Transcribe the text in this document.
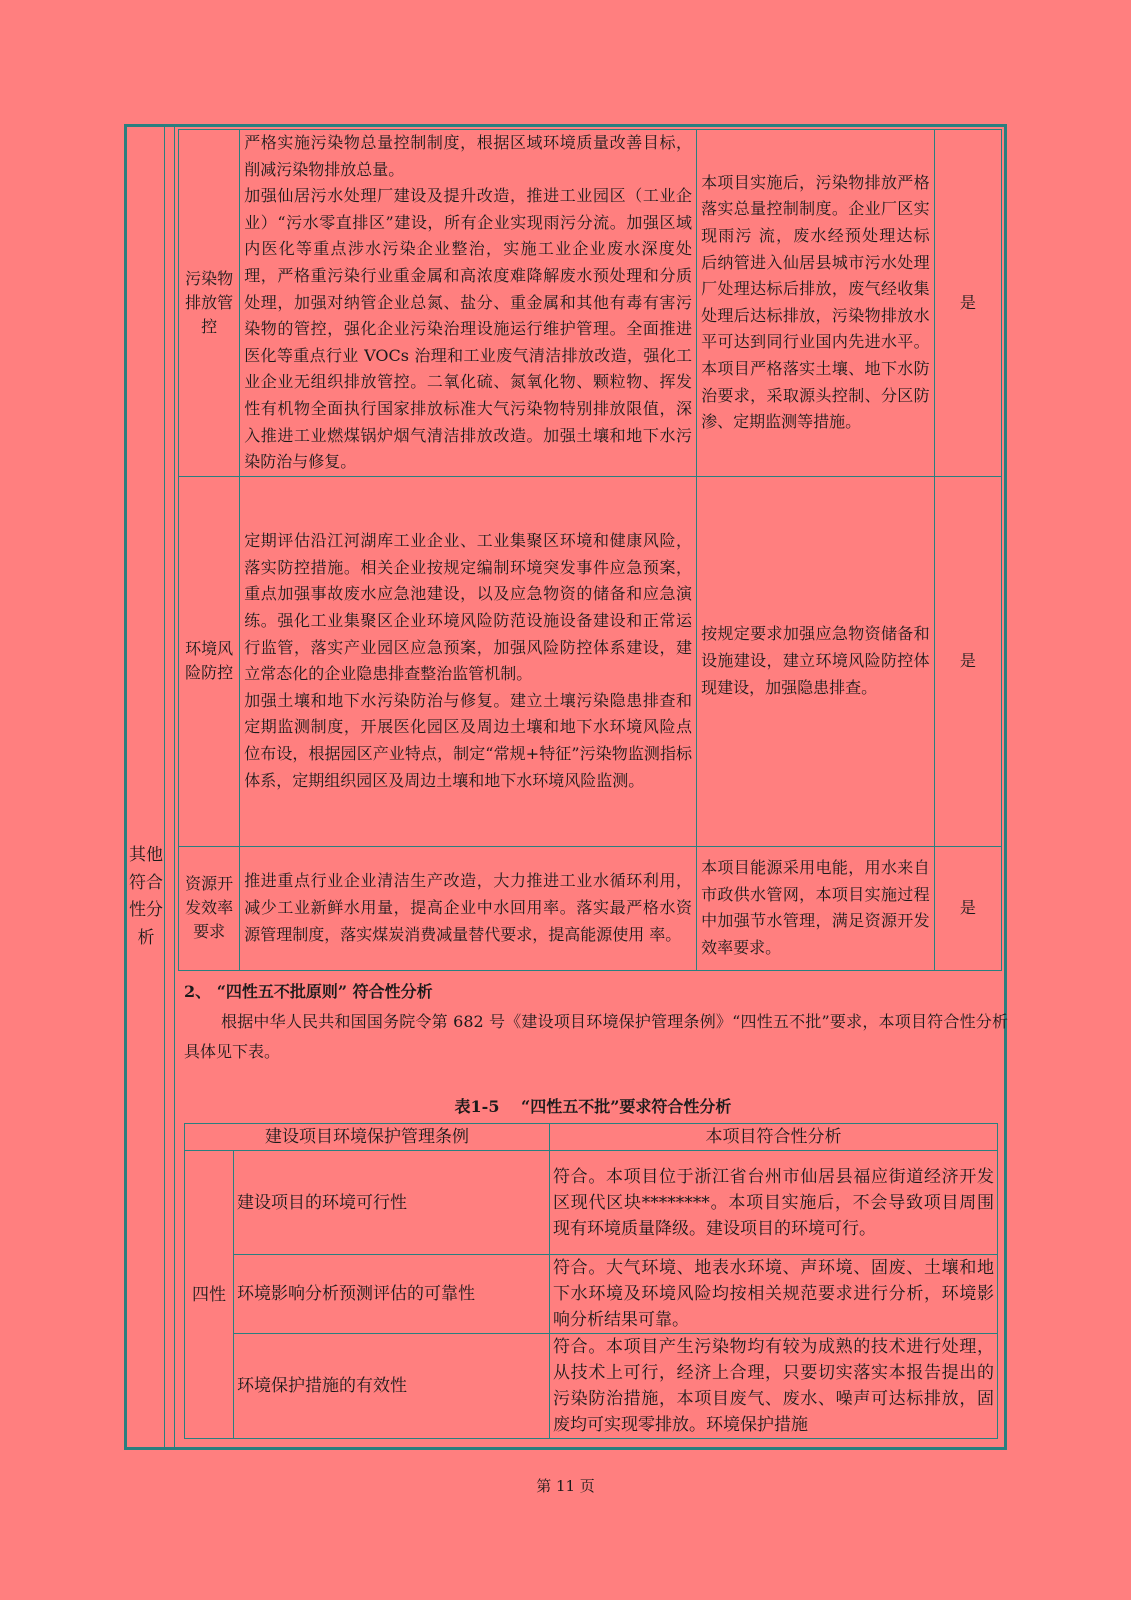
其他符合性分析
污染物排放管控	严格实施污染物总量控制制度，根据区域环境质量改善目标，削减污染物排放总量。

加强仙居污水处理厂建设及提升改造，推进工业园区（工业企业）“污水零直排区”建设，所有企业实现雨污分流。加强区域内医化等重点涉水污染企业整治，实施工业企业废水深度处理，严格重污染行业重金属和高浓度难降解废水预处理和分质处理，加强对纳管企业总氮、盐分、重金属和其他有毒有害污染物的管控，强化企业污染治理设施运行维护管理。全面推进医化等重点行业 VOCs 治理和工业废气清洁排放改造，强化工业企业无组织排放管控。二氧化硫、氮氧化物、颗粒物、挥发性有机物全面执行国家排放标准大气污染物特别排放限值，深入推进工业燃煤锅炉烟气清洁排放改造。加强土壤和地下水污染防治与修复。	本项目实施后，污染物排放严格落实总量控制制度。企业厂区实现雨污 流，废水经预处理达标后纳管进入仙居县城市污水处理厂处理达标后排放，废气经收集处理后达标排放，污染物排放水平可达到同行业国内先进水平。本项目严格落实土壤、地下水防治要求，采取源头控制、分区防渗、定期监测等措施。	是
环境风险防控	定期评估沿江河湖库工业企业、工业集聚区环境和健康风险，落实防控措施。相关企业按规定编制环境突发事件应急预案，重点加强事故废水应急池建设，以及应急物资的储备和应急演练。强化工业集聚区企业环境风险防范设施设备建设和正常运行监管，落实产业园区应急预案，加强风险防控体系建设，建立常态化的企业隐患排查整治监管机制。

加强土壤和地下水污染防治与修复。建立土壤污染隐患排查和定期监测制度，开展医化园区及周边土壤和地下水环境风险点位布设，根据园区产业特点，制定“常规+特征”污染物监测指标体系，定期组织园区及周边土壤和地下水环境风险监测。	按规定要求加强应急物资储备和设施建设，建立环境风险防控体现建设，加强隐患排查。	是
资源开发效率要求	推进重点行业企业清洁生产改造，大力推进工业水循环利用，减少工业新鲜水用量，提高企业中水回用率。落实最严格水资源管理制度，落实煤炭消费减量替代要求，提高能源使用 率。	本项目能源采用电能，用水来自市政供水管网，本项目实施过程中加强节水管理，满足资源开发效率要求。	是
2、 “四性五不批原则” 符合性分析

根据中华人民共和国国务院令第 682 号《建设项目环境保护管理条例》“四性五不批”要求，本项目符合性分析具体见下表。

表1-5　 “四性五不批”要求符合性分析
建设项目环境保护管理条例		本项目符合性分析
四性	建设项目的环境可行性	符合。本项目位于浙江省台州市仙居县福应街道经济开发区现代区块********。本项目实施后，不会导致项目周围现有环境质量降级。建设项目的环境可行。
	环境影响分析预测评估的可靠性	符合。大气环境、地表水环境、声环境、固废、土壤和地下水环境及环境风险均按相关规范要求进行分析，环境影响分析结果可靠。
	环境保护措施的有效性	符合。本项目产生污染物均有较为成熟的技术进行处理，从技术上可行，经济上合理，只要切实落实本报告提出的污染防治措施，本项目废气、废水、噪声可达标排放，固废均可实现零排放。环境保护措施
第 11 页
